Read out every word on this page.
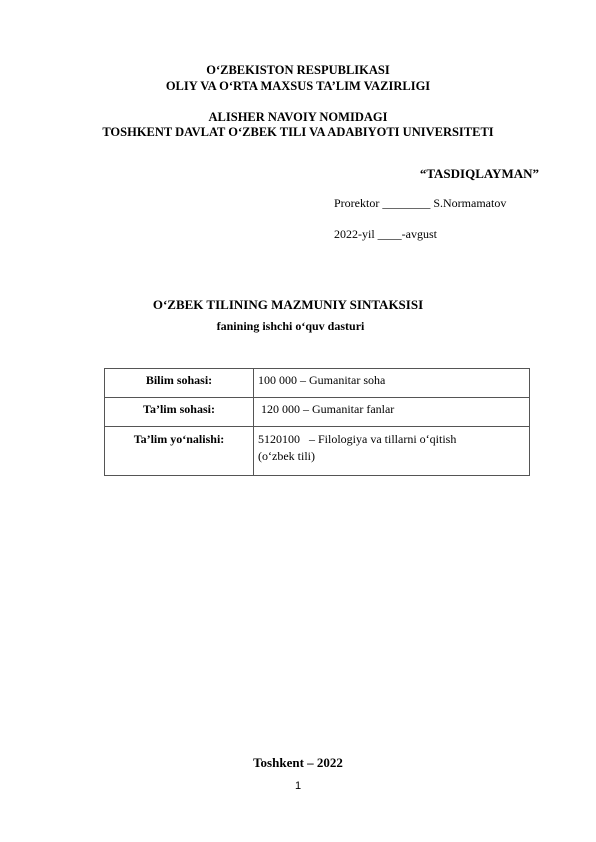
O‘ZBEKISTON RESPUBLIKASI
OLIY VA O‘RTA MAXSUS TA’LIM VAZIRLIGI
ALISHER NAVOIY NOMIDAGI
TOSHKENT DAVLAT O‘ZBEK TILI VA ADABIYOTI UNIVERSITETI
“TASDIQLAYMAN”
Prorektor ________ S.Normamatov
2022-yil ____-avgust
O‘ZBEK TILINING MAZMUNIY SINTAKSISI
fanining ishchi o‘quv dasturi
Bilim sohasi:	100 000 – Gumanitar soha

Ta’lim sohasi:	120 000 – Gumanitar fanlar

Ta’lim yo‘nalishi:	5120100   – Filologiya va tillarni o‘qitish
(o‘zbek tili)
Toshkent – 2022
1
